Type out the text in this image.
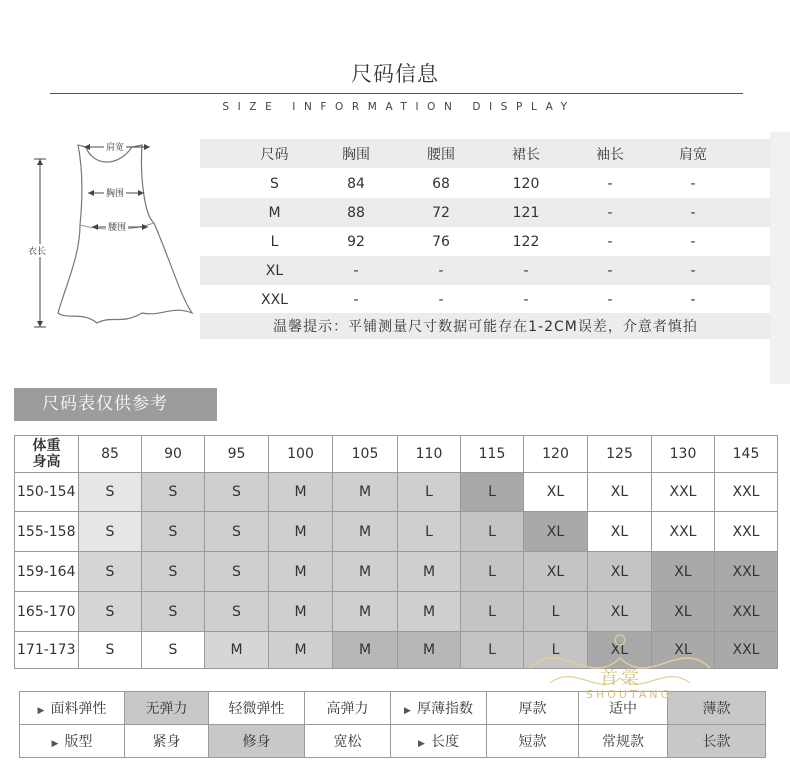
尺码信息
SIZE INFORMATION DISPLAY
肩宽
胸围
腰围
衣长
尺码	胸围	腰围	裙长	袖长	肩宽
S	84	68	120	-	-
M	88	72	121	-	-
L	92	76	122	-	-
XL	-	-	-	-	-
XXL	-	-	-	-	-
温馨提示：平铺测量尺寸数据可能存在1-2CM误差，介意者慎拍
尺码表仅供参考
体重
身高	85	90	95	100	105	110	115	120	125	130	145
150-154	S	S	S	M	M	L	L	XL	XL	XXL	XXL
155-158	S	S	S	M	M	L	L	XL	XL	XXL	XXL
159-164	S	S	S	M	M	M	L	XL	XL	XL	XXL
165-170	S	S	S	M	M	M	L	L	XL	XL	XXL
171-173	S	S	M	M	M	M	L	L	XL	XL	XXL
▶ 面料弹性	无弹力	轻微弹性	高弹力	▶ 厚薄指数	厚款	适中	薄款
▶ 版型	紧身	修身	宽松	▶ 长度	短款	常规款	长款
首棠
SHOUTANG
